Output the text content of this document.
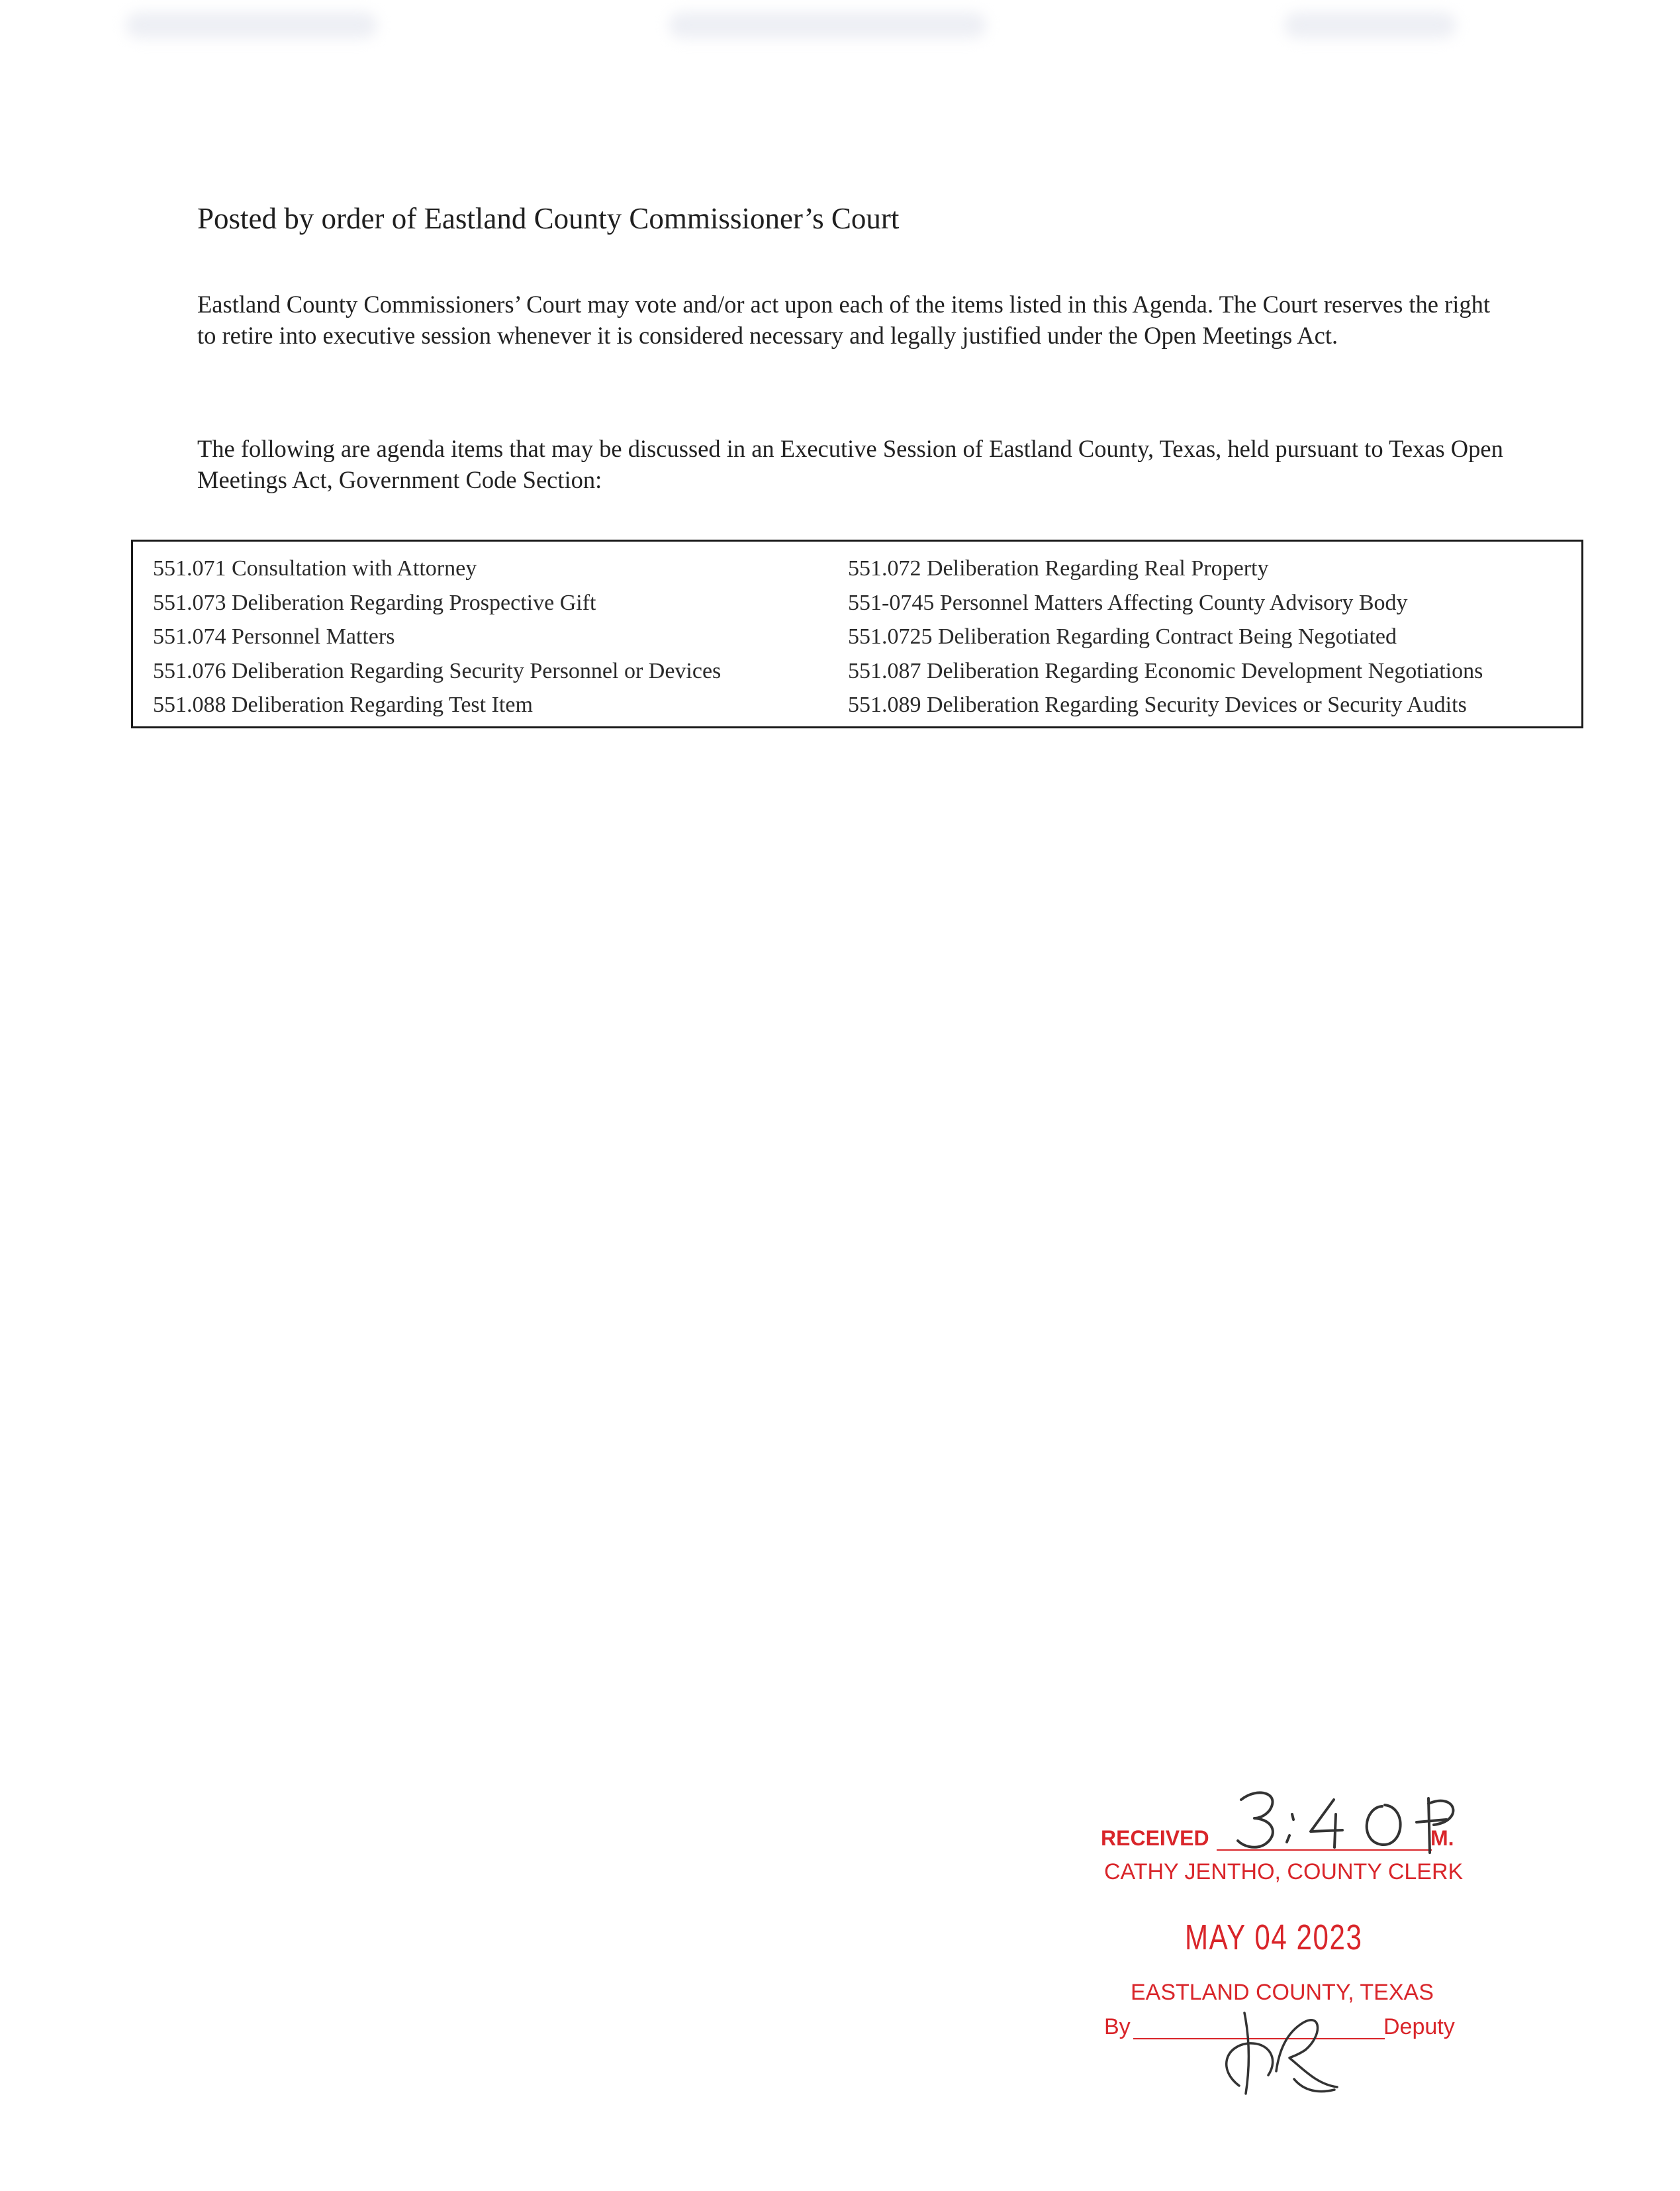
Posted by order of Eastland County Commissioner’s Court
Eastland County Commissioners’ Court may vote and/or act upon each of the items listed in this Agenda. The Court reserves the right to retire into executive session whenever it is considered necessary and legally justified under the Open Meetings Act.
The following are agenda items that may be discussed in an Executive Session of Eastland County, Texas, held pursuant to Texas Open Meetings Act, Government Code Section:
551.071 Consultation with Attorney
551.073 Deliberation Regarding Prospective Gift
551.074 Personnel Matters
551.076 Deliberation Regarding Security Personnel or Devices
551.088 Deliberation Regarding Test Item
551.072 Deliberation Regarding Real Property
551-0745 Personnel Matters Affecting County Advisory Body
551.0725 Deliberation Regarding Contract Being Negotiated
551.087 Deliberation Regarding Economic Development Negotiations
551.089 Deliberation Regarding Security Devices or Security Audits
RECEIVED	M.
CATHY JENTHO, COUNTY CLERK
MAY 04 2023
EASTLAND COUNTY, TEXAS
By	Deputy
